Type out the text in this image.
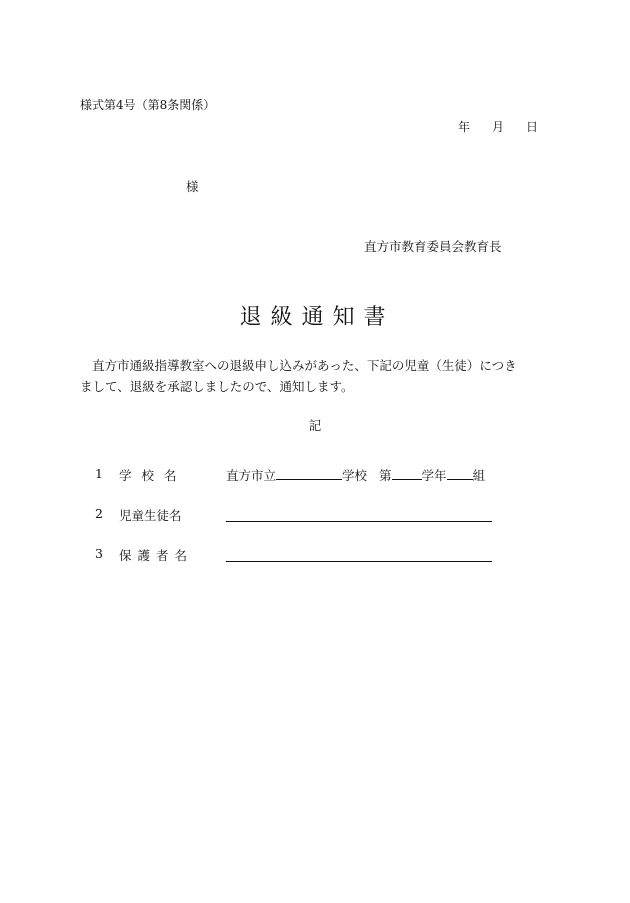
様式第4号（第8条関係）
年 月 日
様
直方市教育委員会教育長
退級通知書
直方市通級指導教室への退級申し込みがあった、下記の児童（生徒）につき
まして、退級を承認しましたので、通知します。
記
1 学校名	直方市立	学校 第 学年 組
2 児童生徒名
3 保護者名
